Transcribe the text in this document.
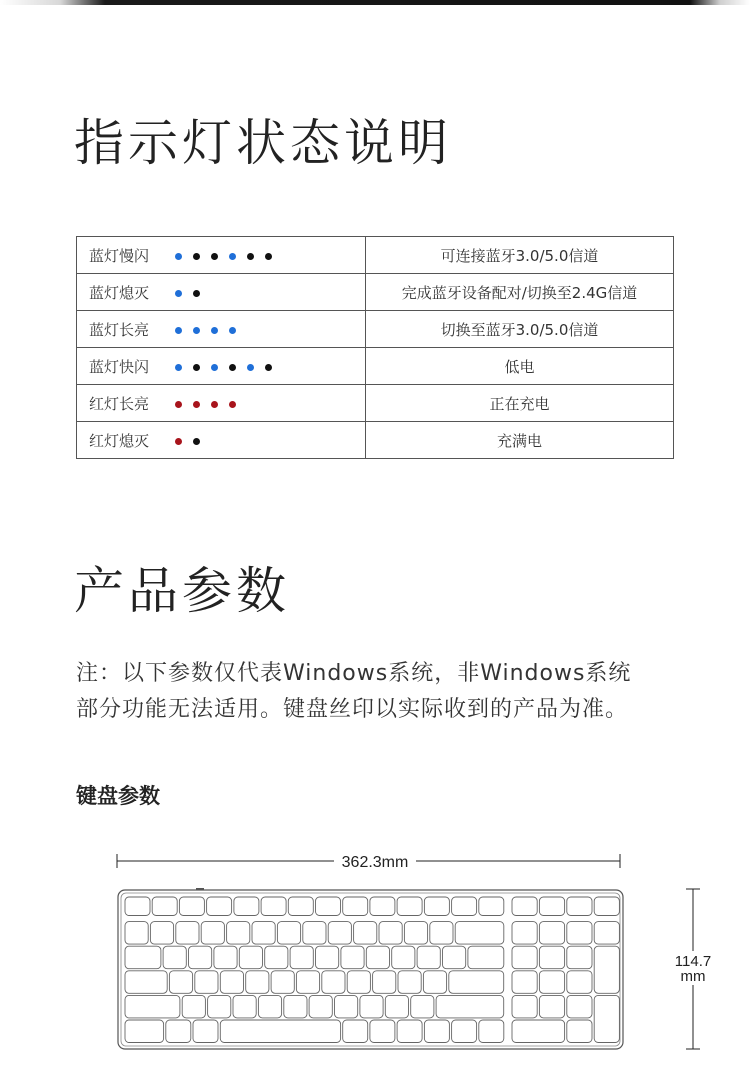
指示灯状态说明
蓝灯慢闪	可连接蓝牙3.0/5.0信道
蓝灯熄灭	完成蓝牙设备配对/切换至2.4G信道
蓝灯长亮	切换至蓝牙3.0/5.0信道
蓝灯快闪	低电
红灯长亮	正在充电
红灯熄灭	充满电
产品参数
注：以下参数仅代表Windows系统，非Windows系统
部分功能无法适用。键盘丝印以实际收到的产品为准。
键盘参数
362.3mm
114.7
mm
